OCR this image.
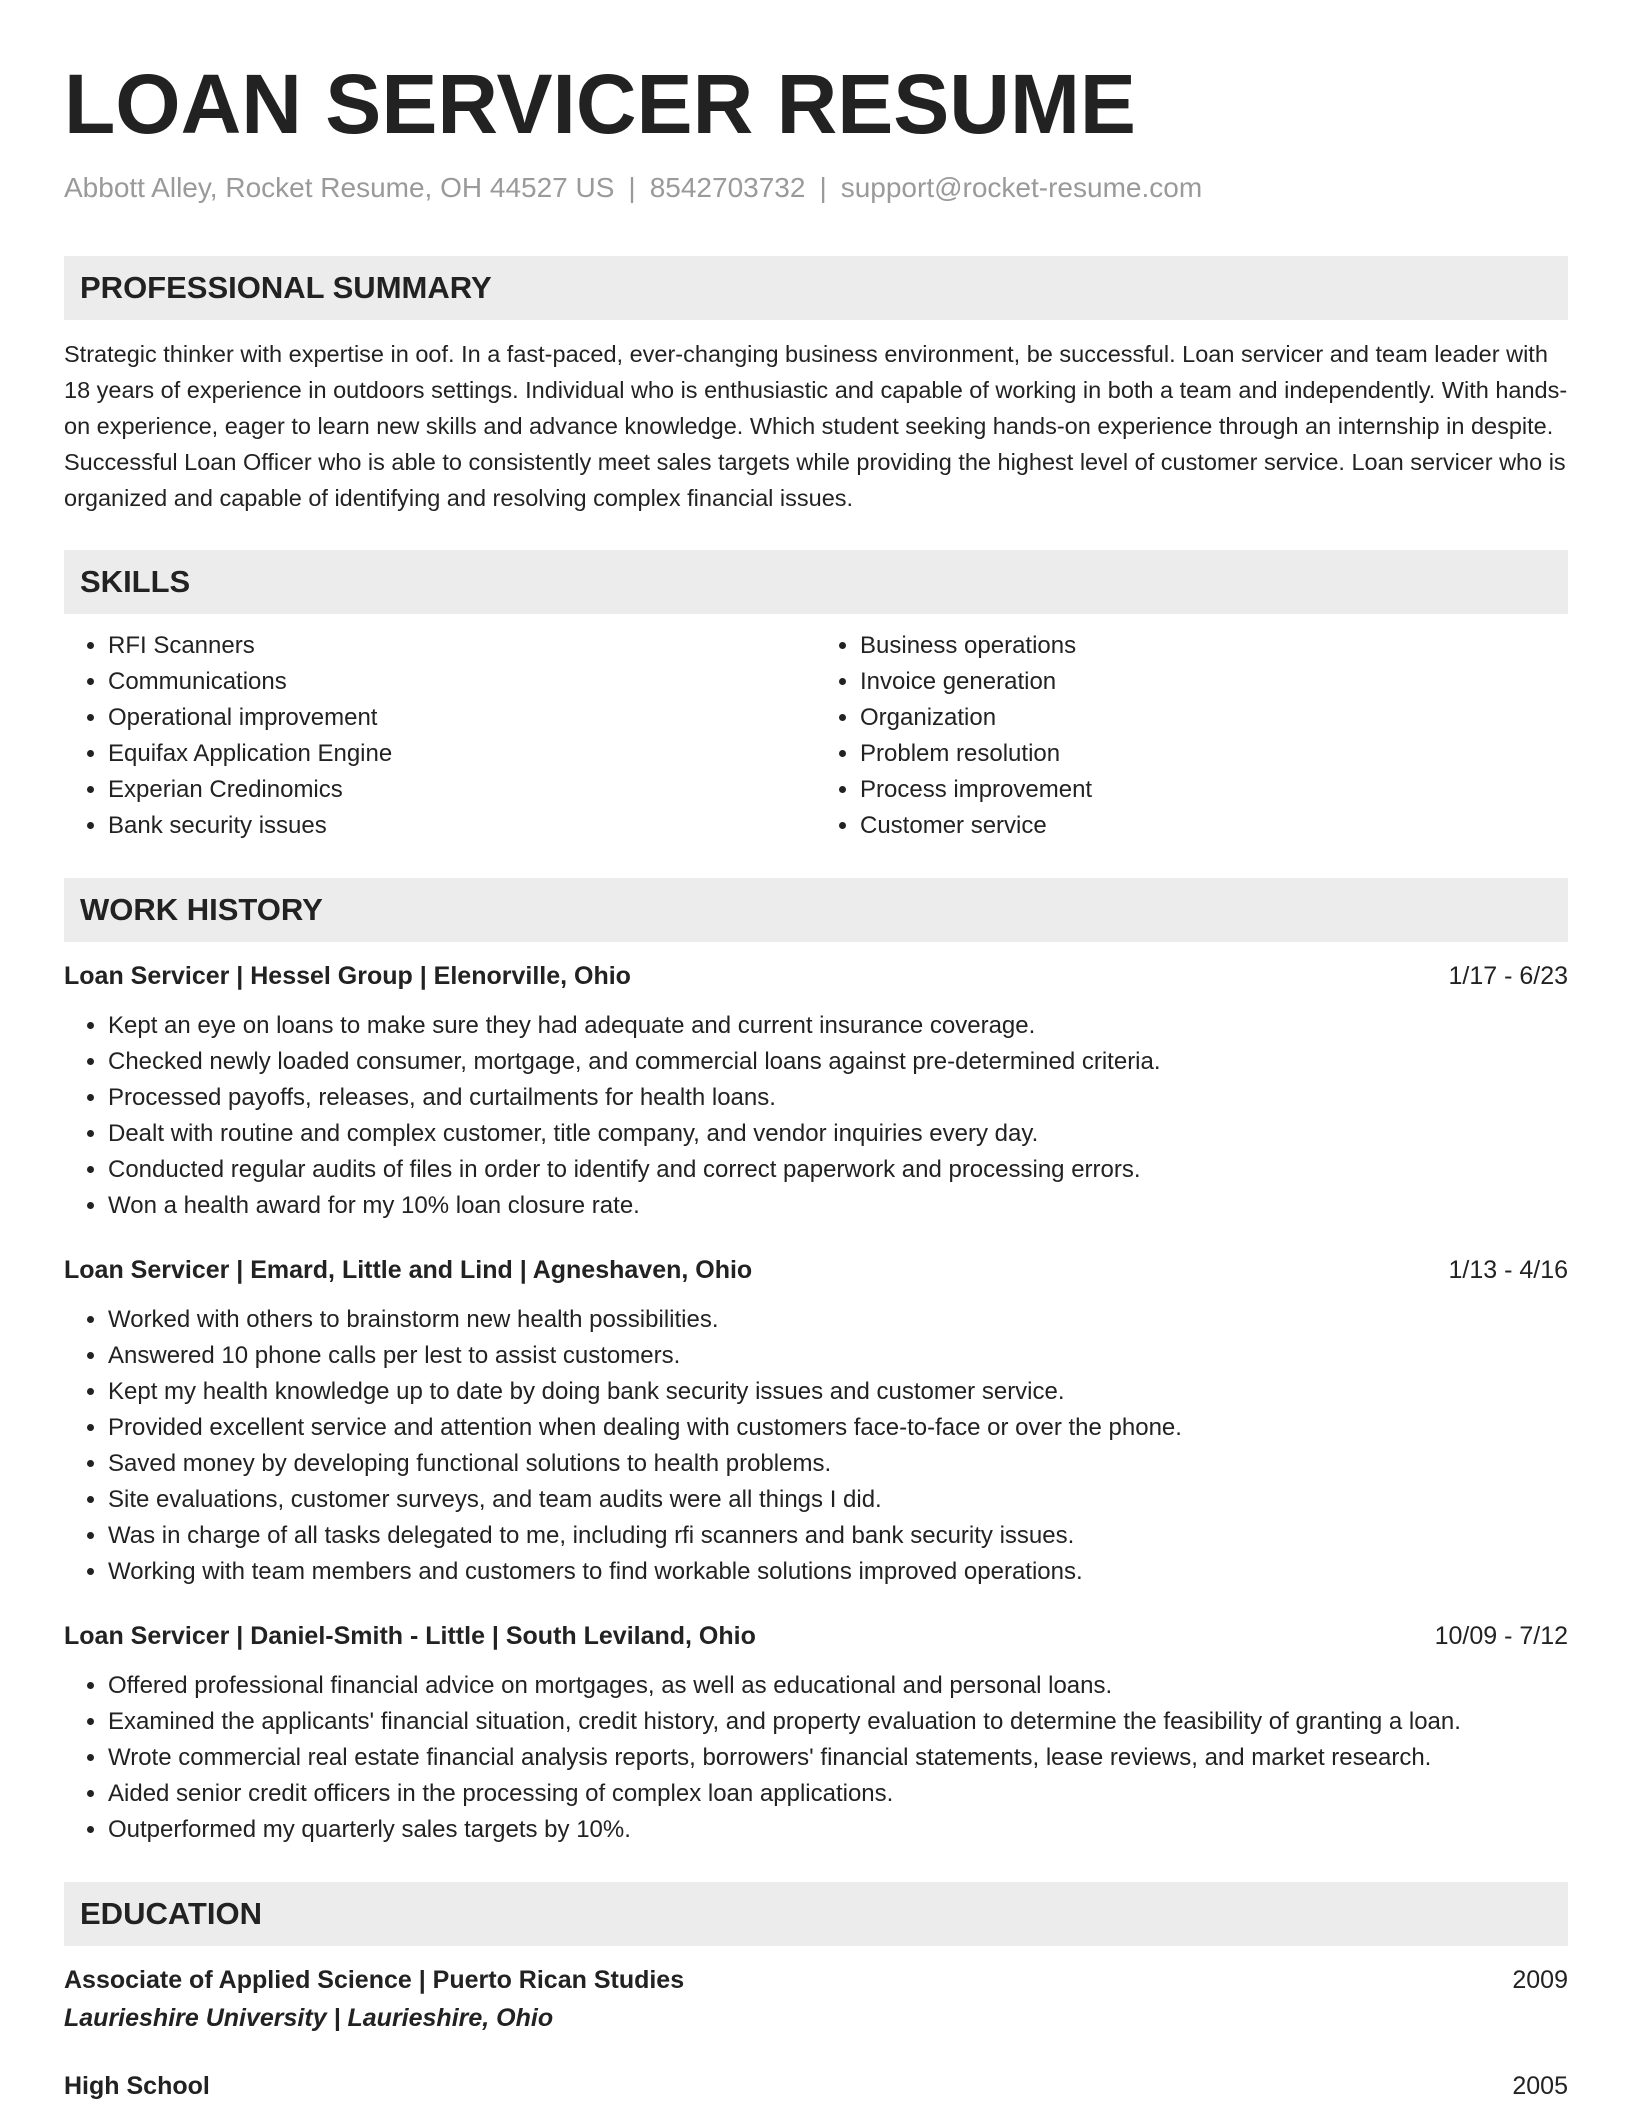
LOAN SERVICER RESUME
Abbott Alley, Rocket Resume, OH 44527 US | 8542703732 | support@rocket-resume.com
PROFESSIONAL SUMMARY

Strategic thinker with expertise in oof. In a fast-paced, ever-changing business environment, be successful. Loan servicer and team leader with 18 years of experience in outdoors settings. Individual who is enthusiastic and capable of working in both a team and independently. With hands-on experience, eager to learn new skills and advance knowledge. Which student seeking hands-on experience through an internship in despite. Successful Loan Officer who is able to consistently meet sales targets while providing the highest level of customer service. Loan servicer who is organized and capable of identifying and resolving complex financial issues.

SKILLS
• RFI Scanners
• Communications
• Operational improvement
• Equifax Application Engine
• Experian Credinomics
• Bank security issues
• Business operations
• Invoice generation
• Organization
• Problem resolution
• Process improvement
• Customer service
WORK HISTORY
Loan Servicer | Hessel Group | Elenorville, Ohio	1/17 - 6/23
• Kept an eye on loans to make sure they had adequate and current insurance coverage.
• Checked newly loaded consumer, mortgage, and commercial loans against pre-determined criteria.
• Processed payoffs, releases, and curtailments for health loans.
• Dealt with routine and complex customer, title company, and vendor inquiries every day.
• Conducted regular audits of files in order to identify and correct paperwork and processing errors.
• Won a health award for my 10% loan closure rate.
Loan Servicer | Emard, Little and Lind | Agneshaven, Ohio	1/13 - 4/16
• Worked with others to brainstorm new health possibilities.
• Answered 10 phone calls per lest to assist customers.
• Kept my health knowledge up to date by doing bank security issues and customer service.
• Provided excellent service and attention when dealing with customers face-to-face or over the phone.
• Saved money by developing functional solutions to health problems.
• Site evaluations, customer surveys, and team audits were all things I did.
• Was in charge of all tasks delegated to me, including rfi scanners and bank security issues.
• Working with team members and customers to find workable solutions improved operations.
Loan Servicer | Daniel-Smith - Little | South Leviland, Ohio	10/09 - 7/12
• Offered professional financial advice on mortgages, as well as educational and personal loans.
• Examined the applicants' financial situation, credit history, and property evaluation to determine the feasibility of granting a loan.
• Wrote commercial real estate financial analysis reports, borrowers' financial statements, lease reviews, and market research.
• Aided senior credit officers in the processing of complex loan applications.
• Outperformed my quarterly sales targets by 10%.
EDUCATION
Associate of Applied Science | Puerto Rican Studies	2009
Laurieshire University | Laurieshire, Ohio
High School	2005
